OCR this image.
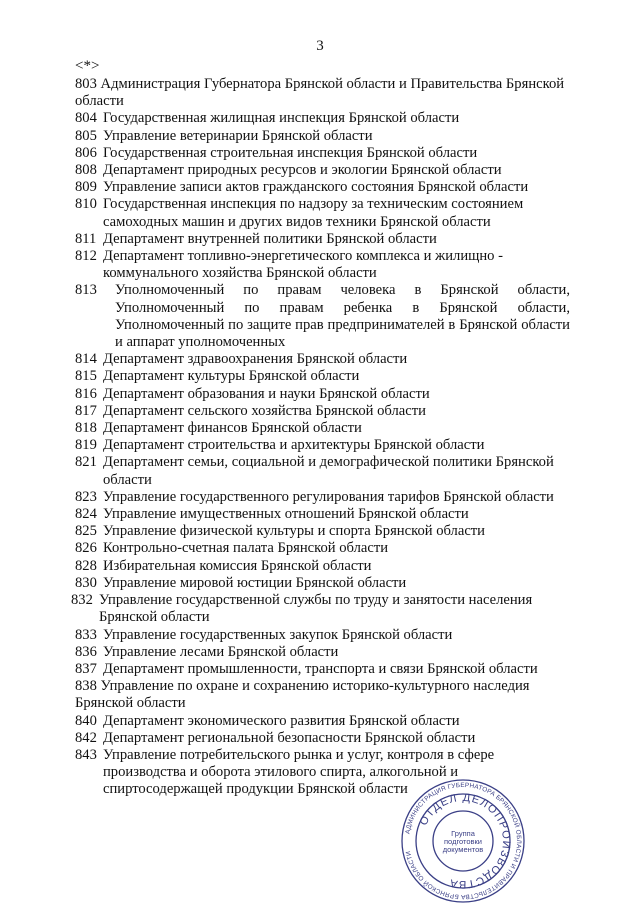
3
<*>
803 Администрация Губернатора Брянской области и Правительства Брянской области
804 Государственная жилищная инспекция Брянской области
805 Управление ветеринарии Брянской области
806 Государственная строительная инспекция Брянской области
808 Департамент природных ресурсов и экологии Брянской области
809 Управление записи актов гражданского состояния Брянской области
810 Государственная инспекция по надзору за техническим состоянием самоходных машин и других видов техники Брянской области
811 Департамент внутренней политики Брянской области
812 Департамент топливно-энергетического комплекса и жилищно - коммунального хозяйства Брянской области
813	Уполномоченный по правам человека в Брянской области, Уполномоченный по правам ребенка в Брянской области, Уполномоченный по защите прав предпринимателей в Брянской области и аппарат уполномоченных
814 Департамент здравоохранения Брянской области
815 Департамент культуры Брянской области
816 Департамент образования и науки Брянской области
817 Департамент сельского хозяйства Брянской области
818 Департамент финансов Брянской области
819 Департамент строительства и архитектуры Брянской области
821 Департамент семьи, социальной и демографической политики Брянской области
823 Управление государственного регулирования тарифов Брянской области
824 Управление имущественных отношений Брянской области
825 Управление физической культуры и спорта Брянской области
826 Контрольно-счетная палата Брянской области
828 Избирательная комиссия Брянской области
830 Управление мировой юстиции Брянской области
832 Управление государственной службы по труду и занятости населения Брянской области
833 Управление государственных закупок Брянской области
836 Управление лесами Брянской области
837 Департамент промышленности, транспорта и связи Брянской области
838 Управление по охране и сохранению историко-культурного наследия Брянской области
840 Департамент экономического развития Брянской области
842 Департамент региональной безопасности Брянской области
843 Управление потребительского рынка и услуг, контроля в сфере производства и оборота этилового спирта, алкогольной и спиртосодержащей продукции Брянской области
АДМИНИСТРАЦИЯ ГУБЕРНАТОРА БРЯНСКОЙ ОБЛАСТИ И ПРАВИТЕЛЬСТВА БРЯНСКОЙ ОБЛАСТИ
ОТДЕЛ ДЕЛОПРОИЗВОДСТВА
Группа
подготовки
документов
